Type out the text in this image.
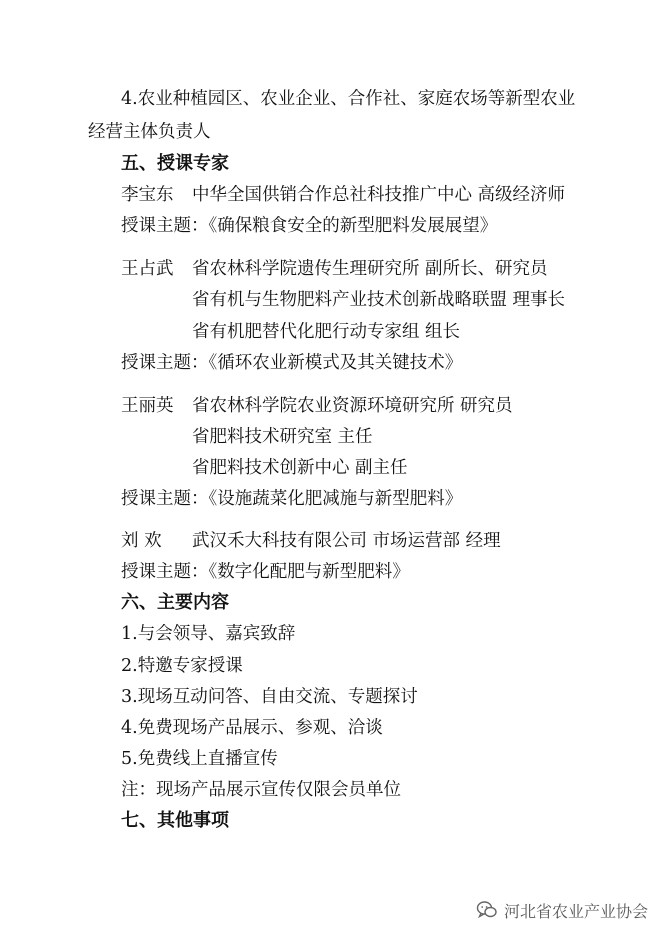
4.农业种植园区、农业企业、合作社、家庭农场等新型农业
经营主体负责人
五、授课专家
李宝东 中华全国供销合作总社科技推广中心 高级经济师
授课主题：《确保粮食安全的新型肥料发展展望》
王占武 省农林科学院遗传生理研究所 副所长、研究员
省有机与生物肥料产业技术创新战略联盟 理事长
省有机肥替代化肥行动专家组 组长
授课主题：《循环农业新模式及其关键技术》
王丽英 省农林科学院农业资源环境研究所 研究员
省肥料技术研究室 主任
省肥料技术创新中心 副主任
授课主题：《设施蔬菜化肥减施与新型肥料》
刘 欢 武汉禾大科技有限公司 市场运营部 经理
授课主题：《数字化配肥与新型肥料》
六、主要内容
1.与会领导、嘉宾致辞
2.特邀专家授课
3.现场互动问答、自由交流、专题探讨
4.免费现场产品展示、参观、洽谈
5.免费线上直播宣传
注：现场产品展示宣传仅限会员单位
七、其他事项
河北省农业产业协会
